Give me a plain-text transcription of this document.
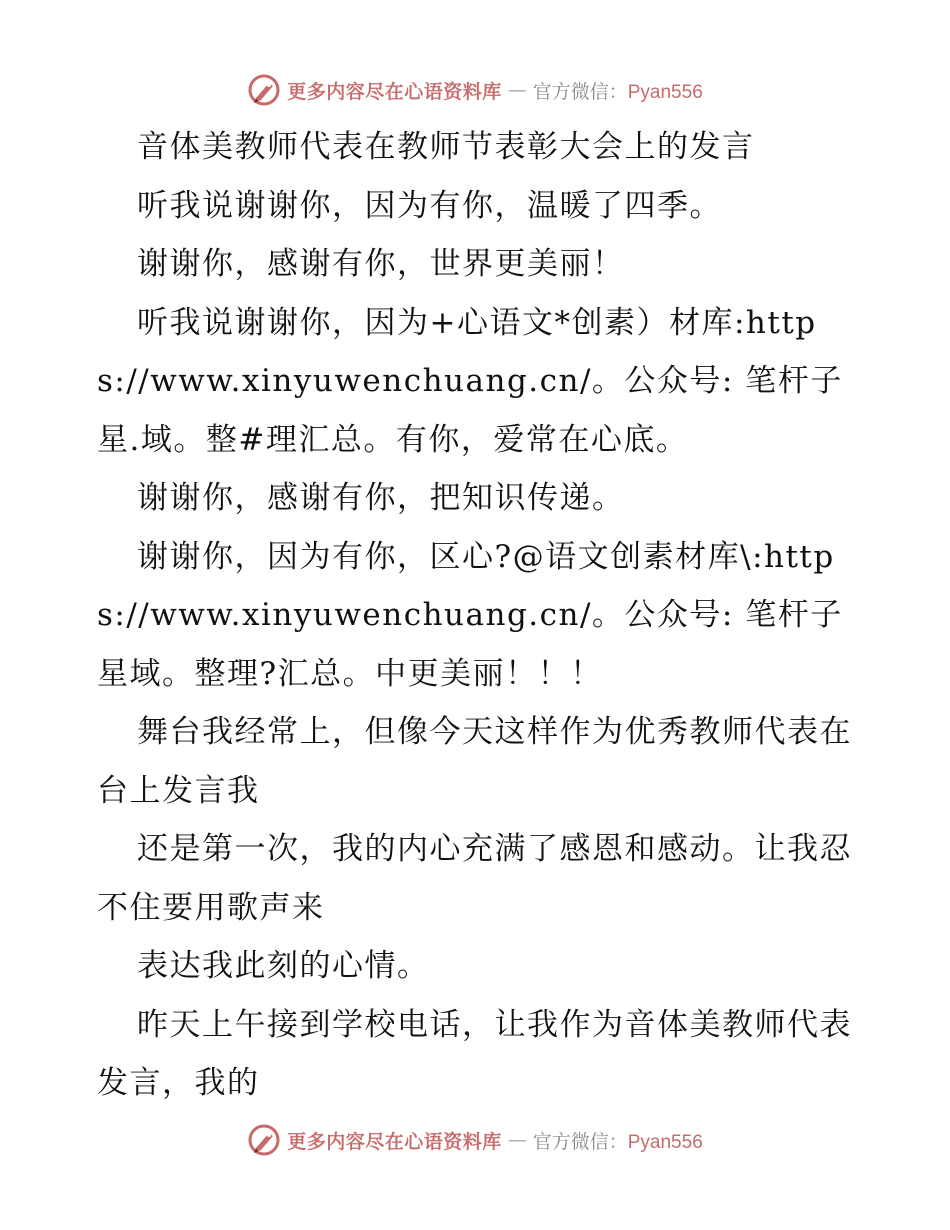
更多内容尽在心语资料库 — 官方微信：Pyan556

音体美教师代表在教师节表彰大会上的发言

听我说谢谢你，因为有你，温暖了四季。

谢谢你，感谢有你，世界更美丽！

听我说谢谢你，因为+心语文*创素）材库:https://www.xinyuwenchuang.cn/。公众号: 笔杆子星.域。整#理汇总。有你，爱常在心底。

谢谢你，感谢有你，把知识传递。

谢谢你，因为有你，区心?@语文创素材库\:https://www.xinyuwenchuang.cn/。公众号: 笔杆子星域。整理?汇总。中更美丽！！！

舞台我经常上，但像今天这样作为优秀教师代表在台上发言我

还是第一次，我的内心充满了感恩和感动。让我忍不住要用歌声来

表达我此刻的心情。

昨天上午接到学校电话，让我作为音体美教师代表发言，我的

更多内容尽在心语资料库 — 官方微信：Pyan556
